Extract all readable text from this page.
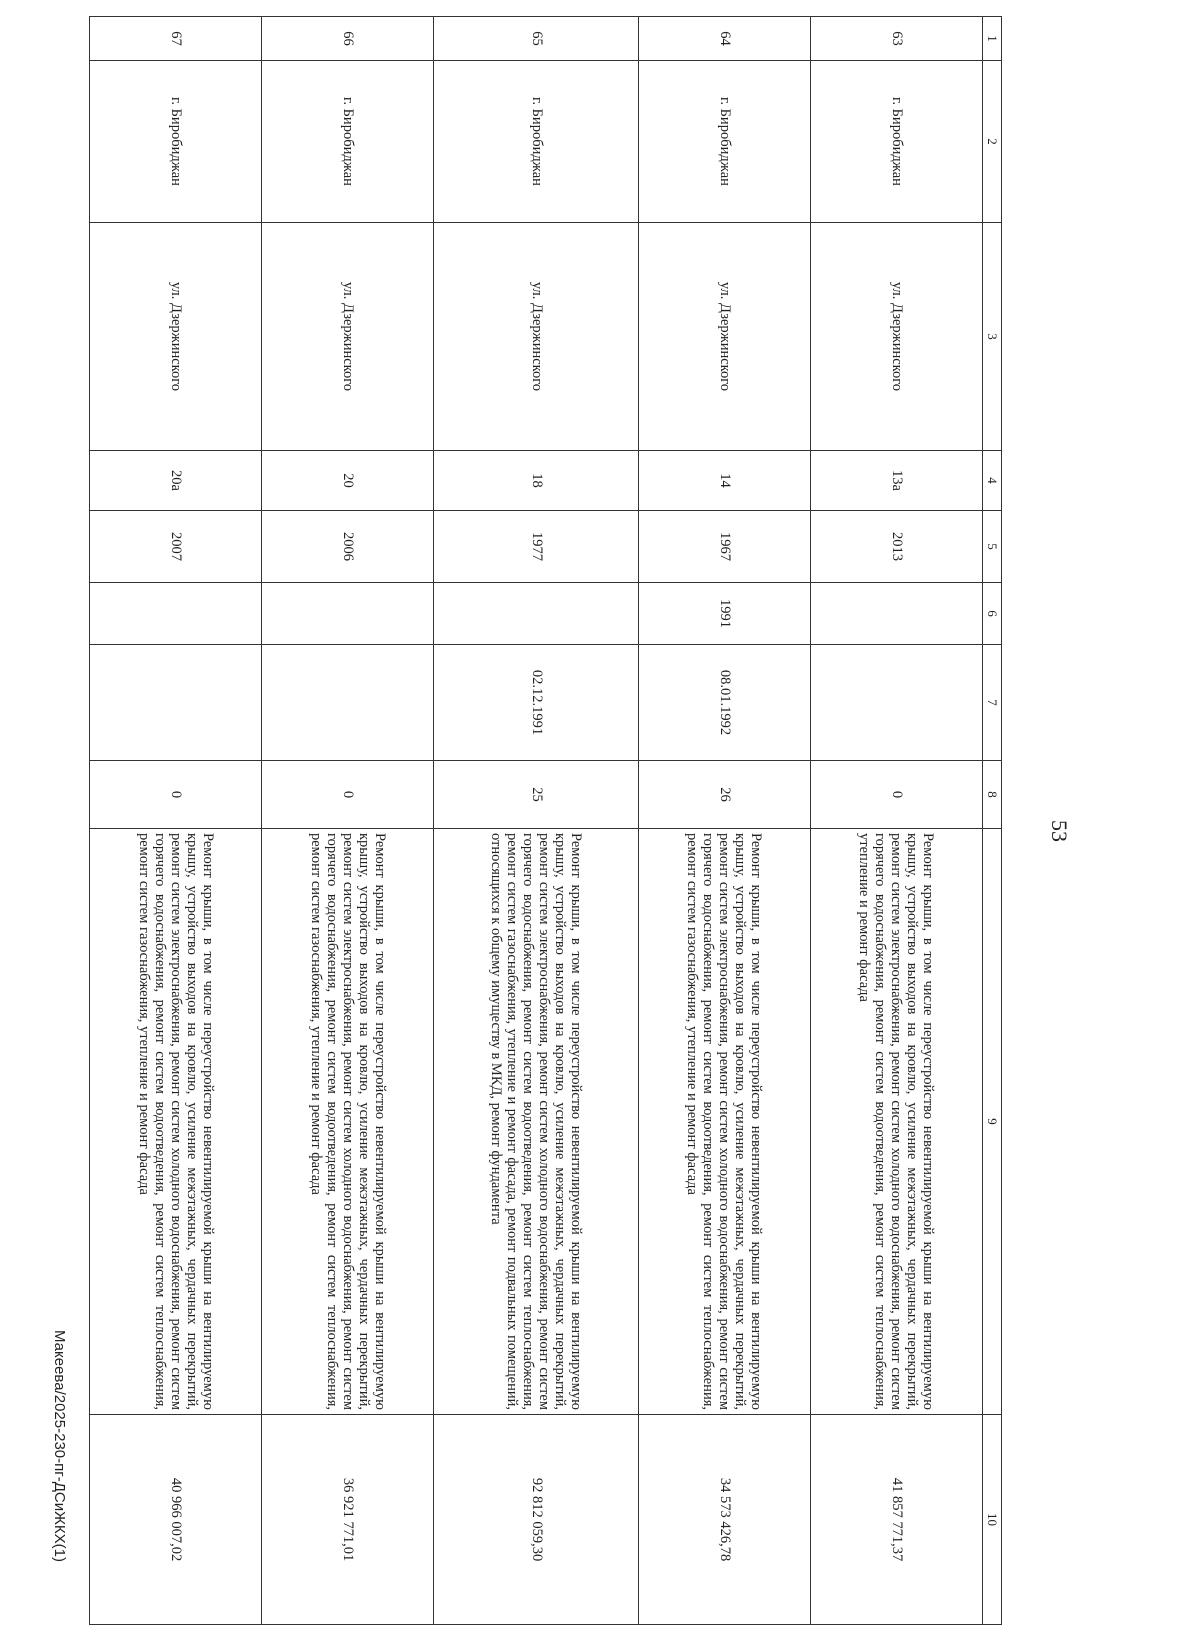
53
1	2	3	4	5	6	7	8	9	10
63	г. Биробиджан	ул. Дзержинского	13а	2013			0	Ремонт крыши, в том числе переустройство невентилируемой крыши на вентилируемую крышу, устройство выходов на кровлю, усиление межэтажных, чердачных перекрытий, ремонт систем электроснабжения, ремонт систем холодного водоснабжения, ремонт систем горячего водоснабжения, ремонт систем водоотведения, ремонт систем теплоснабжения, утепление и ремонт фасада	41 857 771,37
64	г. Биробиджан	ул. Дзержинского	14	1967	1991	08.01.1992	26	Ремонт крыши, в том числе переустройство невентилируемой крыши на вентилируемую крышу, устройство выходов на кровлю, усиление межэтажных, чердачных перекрытий, ремонт систем электроснабжения, ремонт систем холодного водоснабжения, ремонт систем горячего водоснабжения, ремонт систем водоотведения, ремонт систем теплоснабжения, ремонт систем газоснабжения, утепление и ремонт фасада	34 573 426,78
65	г. Биробиджан	ул. Дзержинского	18	1977		02.12.1991	25	Ремонт крыши, в том числе переустройство невентилируемой крыши на вентилируемую крышу, устройство выходов на кровлю, усиление межэтажных, чердачных перекрытий, ремонт систем электроснабжения, ремонт систем холодного водоснабжения, ремонт систем горячего водоснабжения, ремонт систем водоотведения, ремонт систем теплоснабжения, ремонт систем газоснабжения, утепление и ремонт фасада, ремонт подвальных помещений, относящихся к общему имуществу в МКД, ремонт фундамента	92 812 059,30
66	г. Биробиджан	ул. Дзержинского	20	2006			0	Ремонт крыши, в том числе переустройство невентилируемой крыши на вентилируемую крышу, устройство выходов на кровлю, усиление межэтажных, чердачных перекрытий, ремонт систем электроснабжения, ремонт систем холодного водоснабжения, ремонт систем горячего водоснабжения, ремонт систем водоотведения, ремонт систем теплоснабжения, ремонт систем газоснабжения, утепление и ремонт фасада	36 921 771,01
67	г. Биробиджан	ул. Дзержинского	20а	2007			0	Ремонт крыши, в том числе переустройство невентилируемой крыши на вентилируемую крышу, устройство выходов на кровлю, усиление межэтажных, чердачных перекрытий, ремонт систем электроснабжения, ремонт систем холодного водоснабжения, ремонт систем горячего водоснабжения, ремонт систем водоотведения, ремонт систем теплоснабжения, ремонт систем газоснабжения, утепление и ремонт фасада	40 966 007,02
Макеева/2025-230-пг-ДСиЖКХ(1)
